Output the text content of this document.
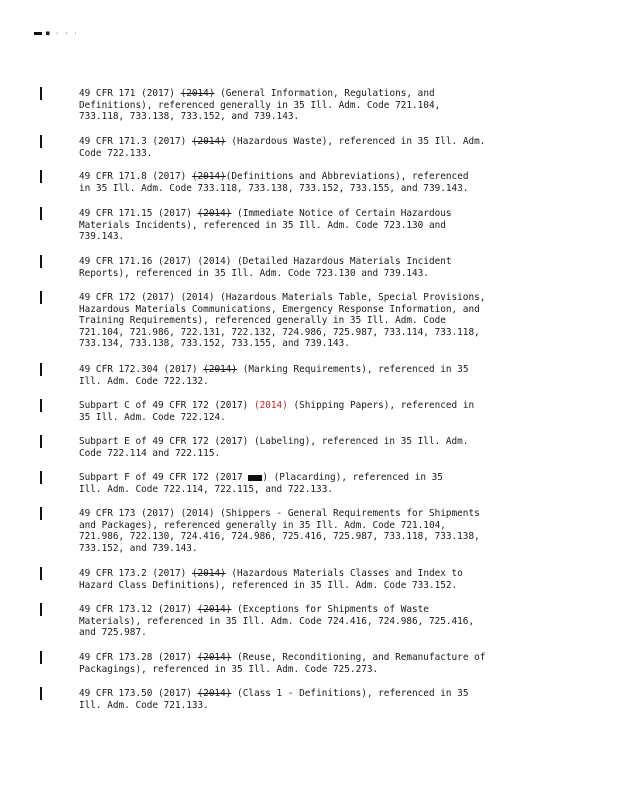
■ · · ·
49 CFR 171 (2017) (2014) (General Information, Regulations, and
Definitions), referenced generally in 35 Ill. Adm. Code 721.104,
733.118, 733.138, 733.152, and 739.143.
49 CFR 171.3 (2017) (2014) (Hazardous Waste), referenced in 35 Ill. Adm.
Code 722.133.
49 CFR 171.8 (2017) (2014)(Definitions and Abbreviations), referenced
in 35 Ill. Adm. Code 733.118, 733.138, 733.152, 733.155, and 739.143.
49 CFR 171.15 (2017) (2014) (Immediate Notice of Certain Hazardous
Materials Incidents), referenced in 35 Ill. Adm. Code 723.130 and
739.143.
49 CFR 171.16 (2017) (2014) (Detailed Hazardous Materials Incident
Reports), referenced in 35 Ill. Adm. Code 723.130 and 739.143.
49 CFR 172 (2017) (2014) (Hazardous Materials Table, Special Provisions,
Hazardous Materials Communications, Emergency Response Information, and
Training Requirements), referenced generally in 35 Ill. Adm. Code
721.104, 721.986, 722.131, 722.132, 724.986, 725.987, 733.114, 733.118,
733.134, 733.138, 733.152, 733.155, and 739.143.
49 CFR 172.304 (2017) (2014) (Marking Requirements), referenced in 35
Ill. Adm. Code 722.132.
Subpart C of 49 CFR 172 (2017) (2014) (Shipping Papers), referenced in
35 Ill. Adm. Code 722.124.
Subpart E of 49 CFR 172 (2017) (Labeling), referenced in 35 Ill. Adm.
Code 722.114 and 722.115.
Subpart F of 49 CFR 172 (2017 ) (Placarding), referenced in 35
Ill. Adm. Code 722.114, 722.115, and 722.133.
49 CFR 173 (2017) (2014) (Shippers - General Requirements for Shipments
and Packages), referenced generally in 35 Ill. Adm. Code 721.104,
721.986, 722.130, 724.416, 724.986, 725.416, 725.987, 733.118, 733.138,
733.152, and 739.143.
49 CFR 173.2 (2017) (2014) (Hazardous Materials Classes and Index to
Hazard Class Definitions), referenced in 35 Ill. Adm. Code 733.152.
49 CFR 173.12 (2017) (2014) (Exceptions for Shipments of Waste
Materials), referenced in 35 Ill. Adm. Code 724.416, 724.986, 725.416,
and 725.987.
49 CFR 173.28 (2017) (2014) (Reuse, Reconditioning, and Remanufacture of
Packagings), referenced in 35 Ill. Adm. Code 725.273.
49 CFR 173.50 (2017) (2014) (Class 1 - Definitions), referenced in 35
Ill. Adm. Code 721.133.
